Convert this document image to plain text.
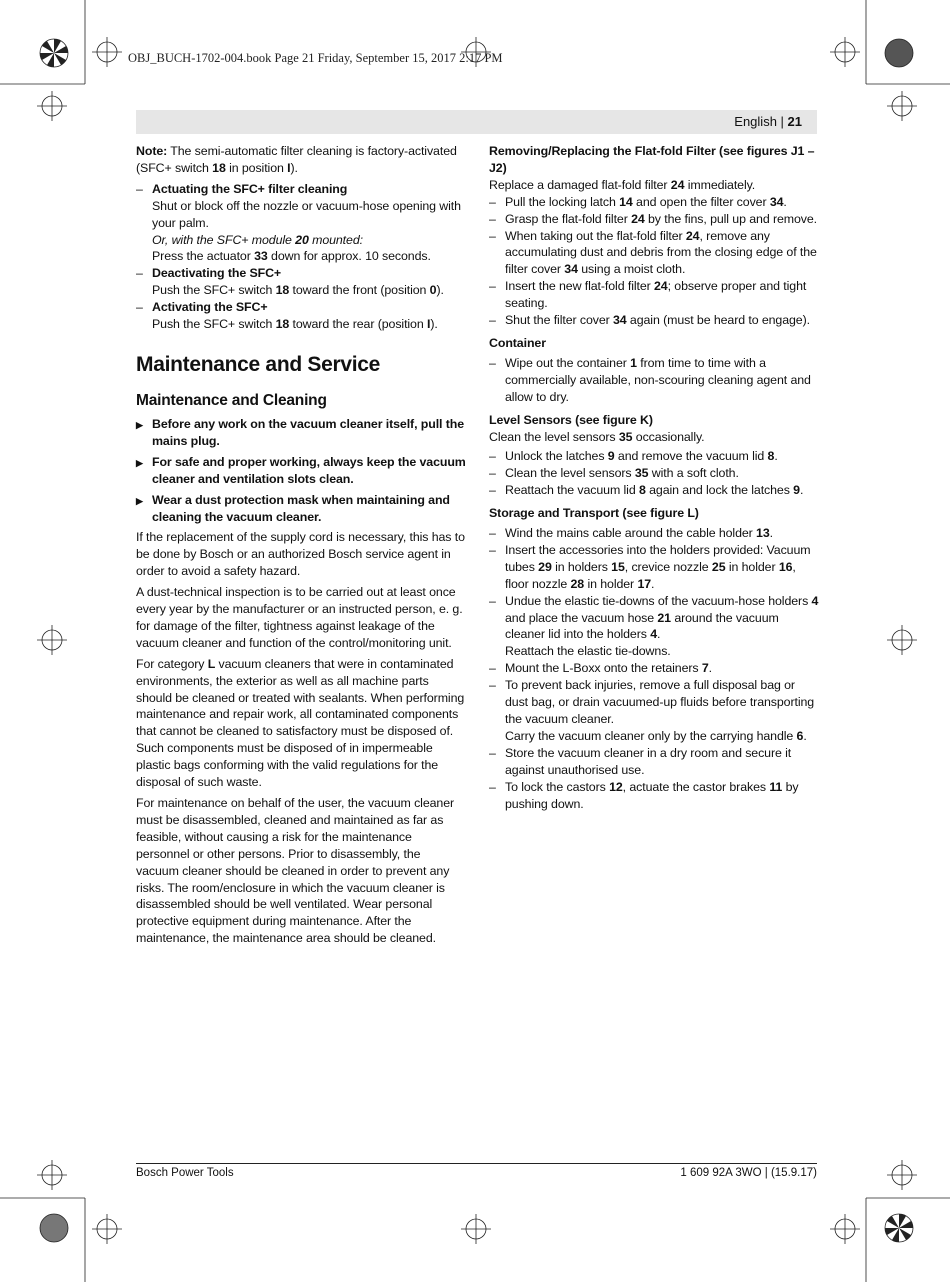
OBJ_BUCH-1702-004.book Page 21 Friday, September 15, 2017 2:17 PM
English | 21

Note: The semi-automatic filter cleaning is factory-activated (SFC+ switch 18 in position I).

– Actuating the SFC+ filter cleaning
Shut or block off the nozzle or vacuum-hose opening with your palm.
Or, with the SFC+ module 20 mounted:
Press the actuator 33 down for approx. 10 seconds.
– Deactivating the SFC+
Push the SFC+ switch 18 toward the front (position 0).
– Activating the SFC+
Push the SFC+ switch 18 toward the rear (position I).
Maintenance and Service
Maintenance and Cleaning
▶ Before any work on the vacuum cleaner itself, pull the mains plug.
▶ For safe and proper working, always keep the vacuum cleaner and ventilation slots clean.
▶ Wear a dust protection mask when maintaining and cleaning the vacuum cleaner.

If the replacement of the supply cord is necessary, this has to be done by Bosch or an authorized Bosch service agent in order to avoid a safety hazard.

A dust-technical inspection is to be carried out at least once every year by the manufacturer or an instructed person, e. g. for damage of the filter, tightness against leakage of the vacuum cleaner and function of the control/monitoring unit.

For category L vacuum cleaners that were in contaminated environments, the exterior as well as all machine parts should be cleaned or treated with sealants. When performing maintenance and repair work, all contaminated components that cannot be cleaned to satisfactory must be disposed of. Such components must be disposed of in impermeable plastic bags conforming with the valid regulations for the disposal of such waste.

For maintenance on behalf of the user, the vacuum cleaner must be disassembled, cleaned and maintained as far as feasible, without causing a risk for the maintenance personnel or other persons. Prior to disassembly, the vacuum cleaner should be cleaned in order to prevent any risks. The room/enclosure in which the vacuum cleaner is disassembled should be well ventilated. Wear personal protective equipment during maintenance. After the maintenance, the maintenance area should be cleaned.

Removing/Replacing the Flat-fold Filter (see figures J1 – J2)
Replace a damaged flat-fold filter 24 immediately.
– Pull the locking latch 14 and open the filter cover 34.
– Grasp the flat-fold filter 24 by the fins, pull up and remove.
– When taking out the flat-fold filter 24, remove any accumulating dust and debris from the closing edge of the filter cover 34 using a moist cloth.
– Insert the new flat-fold filter 24; observe proper and tight seating.
– Shut the filter cover 34 again (must be heard to engage).
Container
– Wipe out the container 1 from time to time with a commercially available, non-scouring cleaning agent and allow to dry.
Level Sensors (see figure K)
Clean the level sensors 35 occasionally.
– Unlock the latches 9 and remove the vacuum lid 8.
– Clean the level sensors 35 with a soft cloth.
– Reattach the vacuum lid 8 again and lock the latches 9.
Storage and Transport (see figure L)
– Wind the mains cable around the cable holder 13.
– Insert the accessories into the holders provided: Vacuum tubes 29 in holders 15, crevice nozzle 25 in holder 16, floor nozzle 28 in holder 17.
– Undue the elastic tie-downs of the vacuum-hose holders 4 and place the vacuum hose 21 around the vacuum cleaner lid into the holders 4.
Reattach the elastic tie-downs.
– Mount the L-Boxx onto the retainers 7.
– To prevent back injuries, remove a full disposal bag or dust bag, or drain vacuumed-up fluids before transporting the vacuum cleaner.
Carry the vacuum cleaner only by the carrying handle 6.
– Store the vacuum cleaner in a dry room and secure it against unauthorised use.
– To lock the castors 12, actuate the castor brakes 11 by pushing down.
Bosch Power Tools	1 609 92A 3WO | (15.9.17)
